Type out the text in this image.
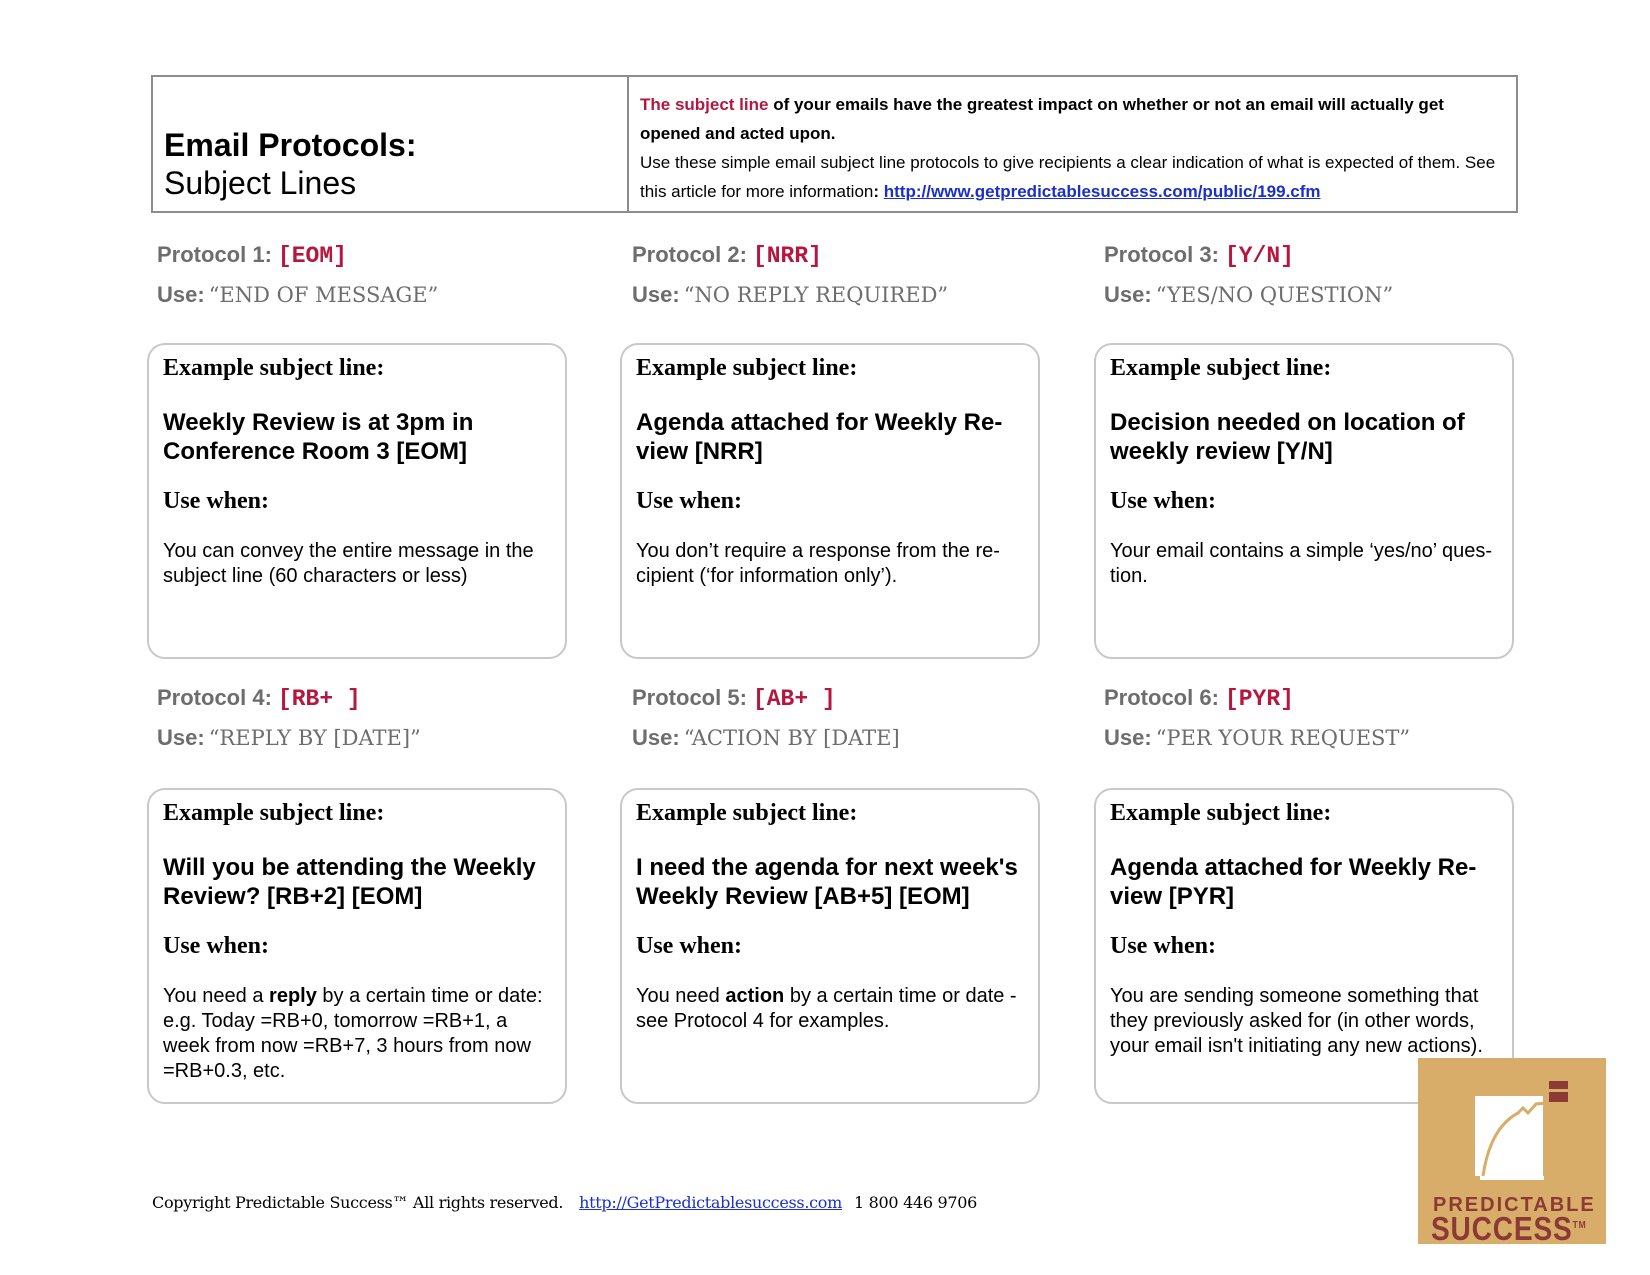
Email Protocols:
Subject Lines
The subject line of your emails have the greatest impact on whether or not an email will actually get opened and acted upon.
Use these simple email subject line protocols to give recipients a clear indication of what is expected of them. See this article for more information: http://www.getpredictablesuccess.com/public/199.cfm
Protocol 1: [EOM]
Use: “END OF MESSAGE”
Example subject line:
Weekly Review is at 3pm in Conference Room 3 [EOM]
Use when:
You can convey the entire message in the subject line (60 characters or less)
Protocol 2: [NRR]
Use: “NO REPLY REQUIRED”
Example subject line:
Agenda attached for Weekly Re-view [NRR]
Use when:
You don’t require a response from the re-cipient (‘for information only’).
Protocol 3: [Y/N]
Use: “YES/NO QUESTION”
Example subject line:
Decision needed on location of weekly review [Y/N]
Use when:
Your email contains a simple ‘yes/no’ ques-tion.
Protocol 4: [RB+ ]
Use: “REPLY BY [DATE]”
Example subject line:
Will you be attending the Weekly Review? [RB+2] [EOM]
Use when:
You need a reply by a certain time or date: e.g. Today =RB+0, tomorrow =RB+1, a week from now =RB+7, 3 hours from now =RB+0.3, etc.
Protocol 5: [AB+ ]
Use: “ACTION BY [DATE]
Example subject line:
I need the agenda for next week's Weekly Review [AB+5] [EOM]
Use when:
You need action by a certain time or date - see Protocol 4 for examples.
Protocol 6: [PYR]
Use: “PER YOUR REQUEST”
Example subject line:
Agenda attached for Weekly Re-view [PYR]
Use when:
You are sending someone something that they previously asked for (in other words, your email isn't initiating any new actions).
Copyright Predictable Success™ All rights reserved. http://GetPredictablesuccess.com 1 800 446 9706	PREDICTABLE
SUCCESS™
